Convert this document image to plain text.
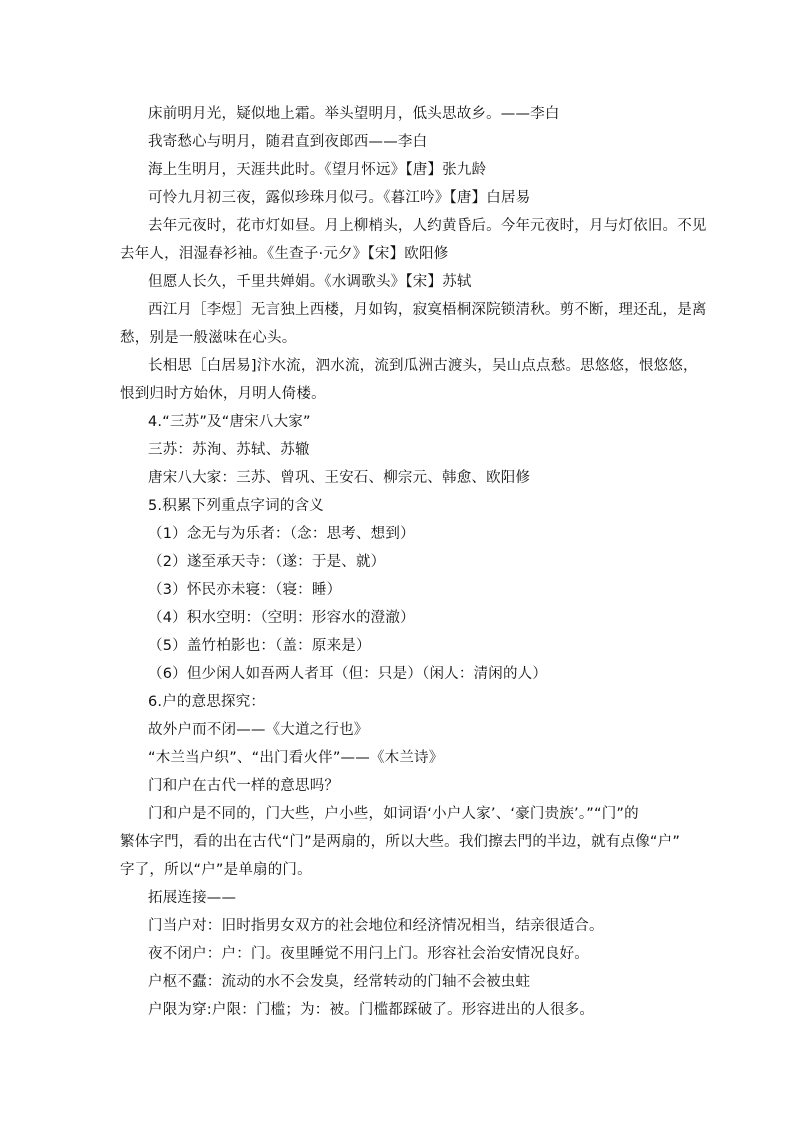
床前明月光，疑似地上霜。举头望明月，低头思故乡。——李白
我寄愁心与明月，随君直到夜郎西——李白
海上生明月，天涯共此时。《望月怀远》【唐】张九龄
可怜九月初三夜，露似珍珠月似弓。《暮江吟》【唐】白居易
去年元夜时，花市灯如昼。月上柳梢头，人约黄昏后。今年元夜时，月与灯依旧。不见
去年人，泪湿春衫袖。《生查子·元夕》【宋】欧阳修
但愿人长久，千里共婵娟。《水调歌头》【宋】苏轼
西江月［李煜］无言独上西楼，月如钩，寂寞梧桐深院锁清秋。剪不断，理还乱，是离
愁，别是一般滋味在心头。
长相思［白居易]汴水流，泗水流，流到瓜洲古渡头，吴山点点愁。思悠悠，恨悠悠，
恨到归时方始休，月明人倚楼。
4.“三苏”及“唐宋八大家”
三苏：苏洵、苏轼、苏辙
唐宋八大家：三苏、曾巩、王安石、柳宗元、韩愈、欧阳修
5.积累下列重点字词的含义
（1）念无与为乐者：（念：思考、想到）
（2）遂至承天寺：（遂：于是、就）
（3）怀民亦未寝：（寝：睡）
（4）积水空明：（空明：形容水的澄澈）
（5）盖竹柏影也：（盖：原来是）
（6）但少闲人如吾两人者耳（但：只是）（闲人：清闲的人）
6.户的意思探究：
故外户而不闭——《大道之行也》
“木兰当户织”、“出门看火伴”——《木兰诗》
门和户在古代一样的意思吗？
门和户是不同的，门大些，户小些，如词语‘小户人家’、‘豪门贵族’。”“门”的
繁体字門，看的出在古代“门”是两扇的，所以大些。我们擦去門的半边，就有点像“户”
字了，所以“户”是单扇的门。
拓展连接——
门当户对：旧时指男女双方的社会地位和经济情况相当，结亲很适合。
夜不闭户：户：门。夜里睡觉不用闩上门。形容社会治安情况良好。
户枢不蠹：流动的水不会发臭，经常转动的门轴不会被虫蛀
户限为穿:户限：门槛；为：被。门槛都踩破了。形容进出的人很多。
